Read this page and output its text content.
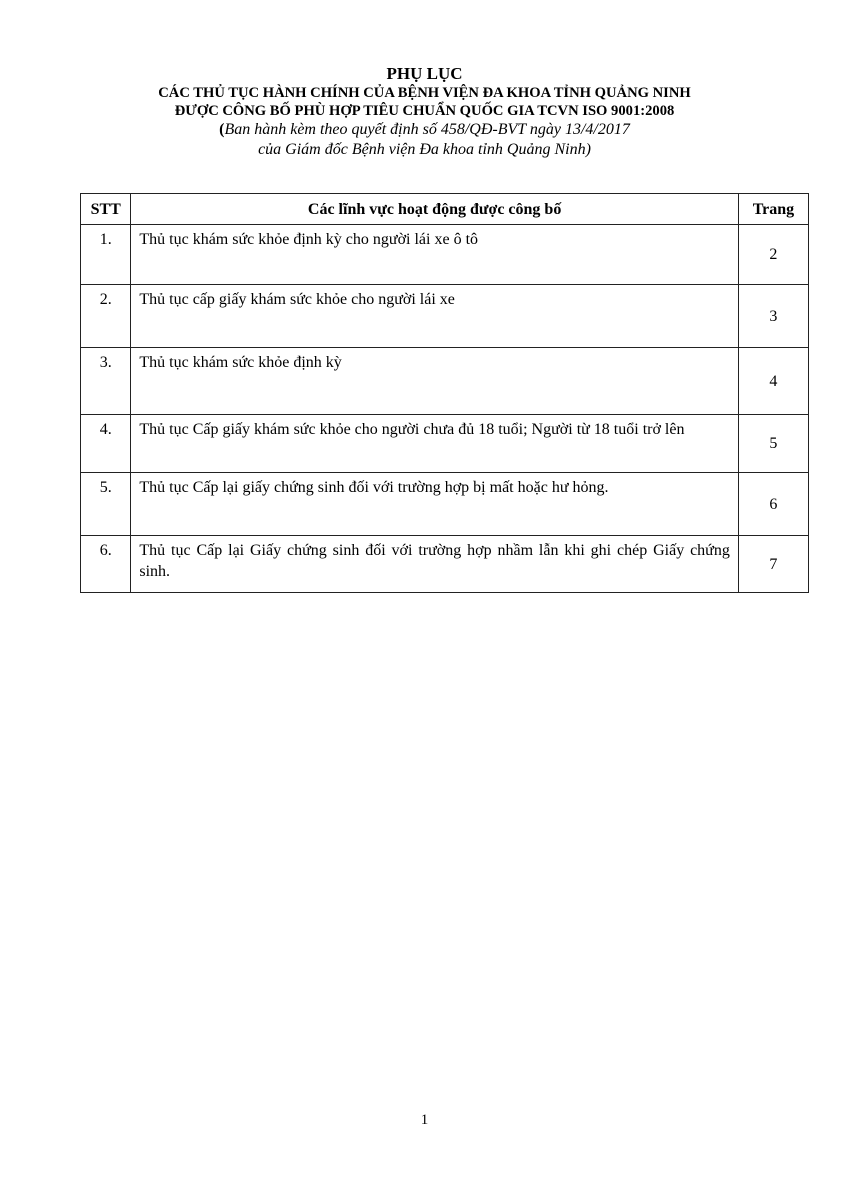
PHỤ LỤC

CÁC THỦ TỤC HÀNH CHÍNH CỦA BỆNH VIỆN ĐA KHOA TỈNH QUẢNG NINH

ĐƯỢC CÔNG BỐ PHÙ HỢP TIÊU CHUẨN QUỐC GIA TCVN ISO 9001:2008

(Ban hành kèm theo quyết định số 458/QĐ-BVT ngày 13/4/2017

của Giám đốc Bệnh viện Đa khoa tỉnh Quảng Ninh)

STT	Các lĩnh vực hoạt động được công bố	Trang
1.	Thủ tục khám sức khỏe định kỳ cho người lái xe ô tô	2
2.	Thủ tục cấp giấy khám sức khỏe cho người lái xe	3
3.	Thủ tục khám sức khỏe định kỳ	4
4.	Thủ tục Cấp giấy khám sức khỏe cho người chưa đủ 18 tuổi; Người từ 18 tuổi trở lên	5
5.	Thủ tục Cấp lại giấy chứng sinh đối với trường hợp bị mất hoặc hư hỏng.	6
6.	Thủ tục Cấp lại Giấy chứng sinh đối với trường hợp nhầm lẫn khi ghi chép Giấy chứng sinh.	7
1
